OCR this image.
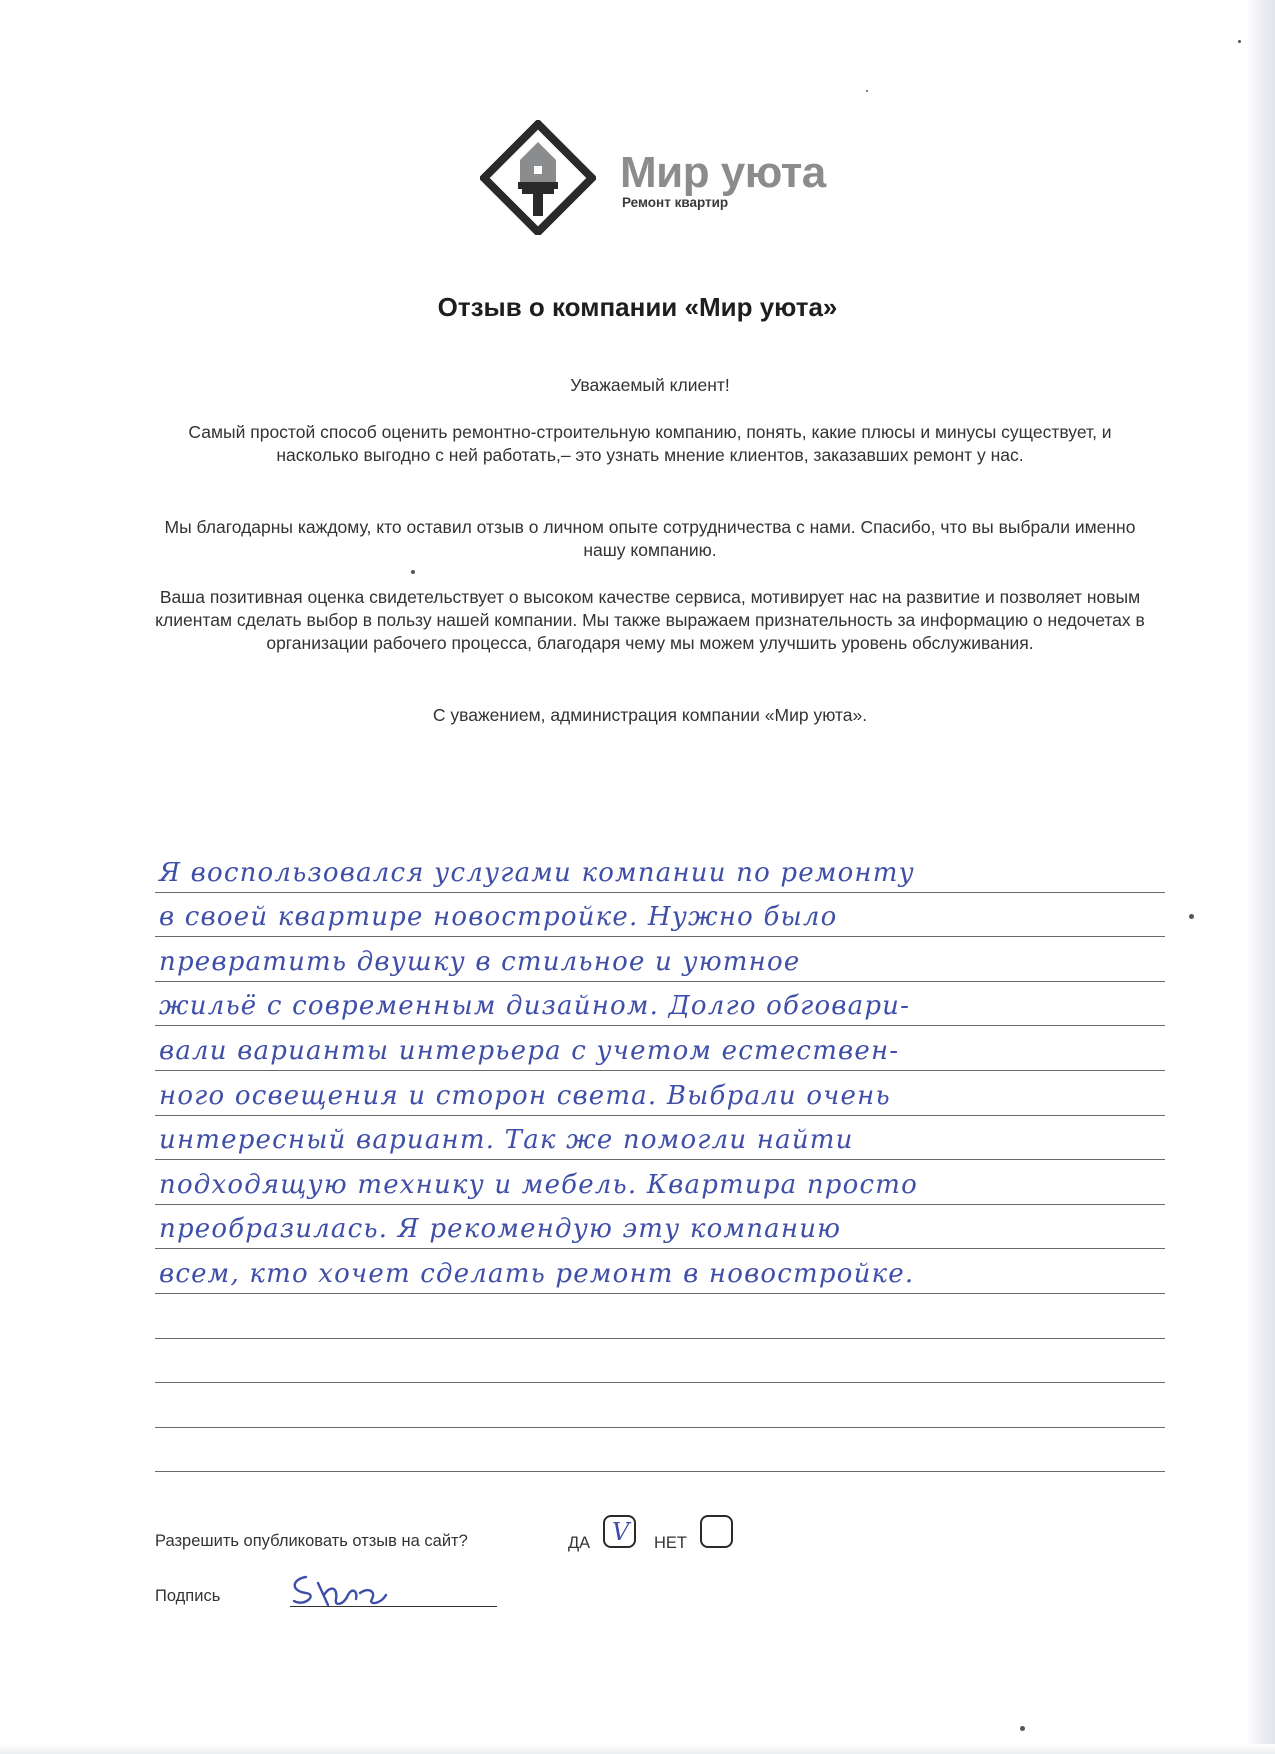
Мир уюта
Ремонт квартир
Отзыв о компании «Мир уюта»
Уважаемый клиент!
Самый простой способ оценить ремонтно-строительную компанию, понять, какие плюсы и минусы существует, и насколько выгодно с ней работать,– это узнать мнение клиентов, заказавших ремонт у нас.
Мы благодарны каждому, кто оставил отзыв о личном опыте сотрудничества с нами. Спасибо, что вы выбрали именно нашу компанию.
Ваша позитивная оценка свидетельствует о высоком качестве сервиса, мотивирует нас на развитие и позволяет новым клиентам сделать выбор в пользу нашей компании. Мы также выражаем признательность за информацию о недочетах в организации рабочего процесса, благодаря чему мы можем улучшить уровень обслуживания.
С уважением, администрация компании «Мир уюта».
Я воспользовался услугами компании по ремонту
в своей квартире новостройке. Нужно было
превратить двушку в стильное и уютное
жильё с современным дизайном. Долго обговари-
вали варианты интерьера с учетом естествен-
ного освещения и сторон света. Выбрали очень
интересный вариант. Так же помогли найти
подходящую технику и мебель. Квартира просто
преобразилась. Я рекомендую эту компанию
всем, кто хочет сделать ремонт в новостройке.
Разрешить опубликовать отзыв на сайт?	ДА V НЕТ
Подпись
